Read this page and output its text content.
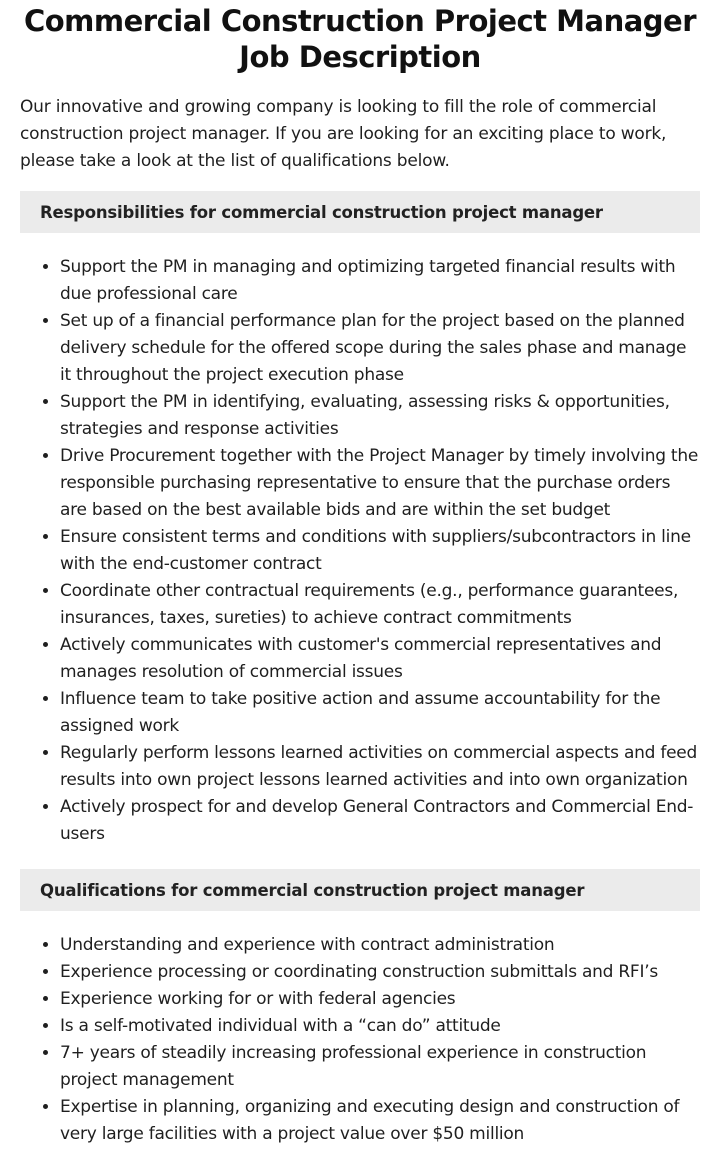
Commercial Construction Project Manager Job Description

Our innovative and growing company is looking to fill the role of commercial construction project manager. If you are looking for an exciting place to work, please take a look at the list of qualifications below.

Responsibilities for commercial construction project manager
• Support the PM in managing and optimizing targeted financial results with due professional care
• Set up of a financial performance plan for the project based on the planned delivery schedule for the offered scope during the sales phase and manage it throughout the project execution phase
• Support the PM in identifying, evaluating, assessing risks & opportunities, strategies and response activities
• Drive Procurement together with the Project Manager by timely involving the responsible purchasing representative to ensure that the purchase orders are based on the best available bids and are within the set budget
• Ensure consistent terms and conditions with suppliers/subcontractors in line with the end-customer contract
• Coordinate other contractual requirements (e.g., performance guarantees, insurances, taxes, sureties) to achieve contract commitments
• Actively communicates with customer's commercial representatives and manages resolution of commercial issues
• Influence team to take positive action and assume accountability for the assigned work
• Regularly perform lessons learned activities on commercial aspects and feed results into own project lessons learned activities and into own organization
• Actively prospect for and develop General Contractors and Commercial End-users
Qualifications for commercial construction project manager
• Understanding and experience with contract administration
• Experience processing or coordinating construction submittals and RFI’s
• Experience working for or with federal agencies
• Is a self-motivated individual with a “can do” attitude
• 7+ years of steadily increasing professional experience in construction project management
• Expertise in planning, organizing and executing design and construction of very large facilities with a project value over $50 million
